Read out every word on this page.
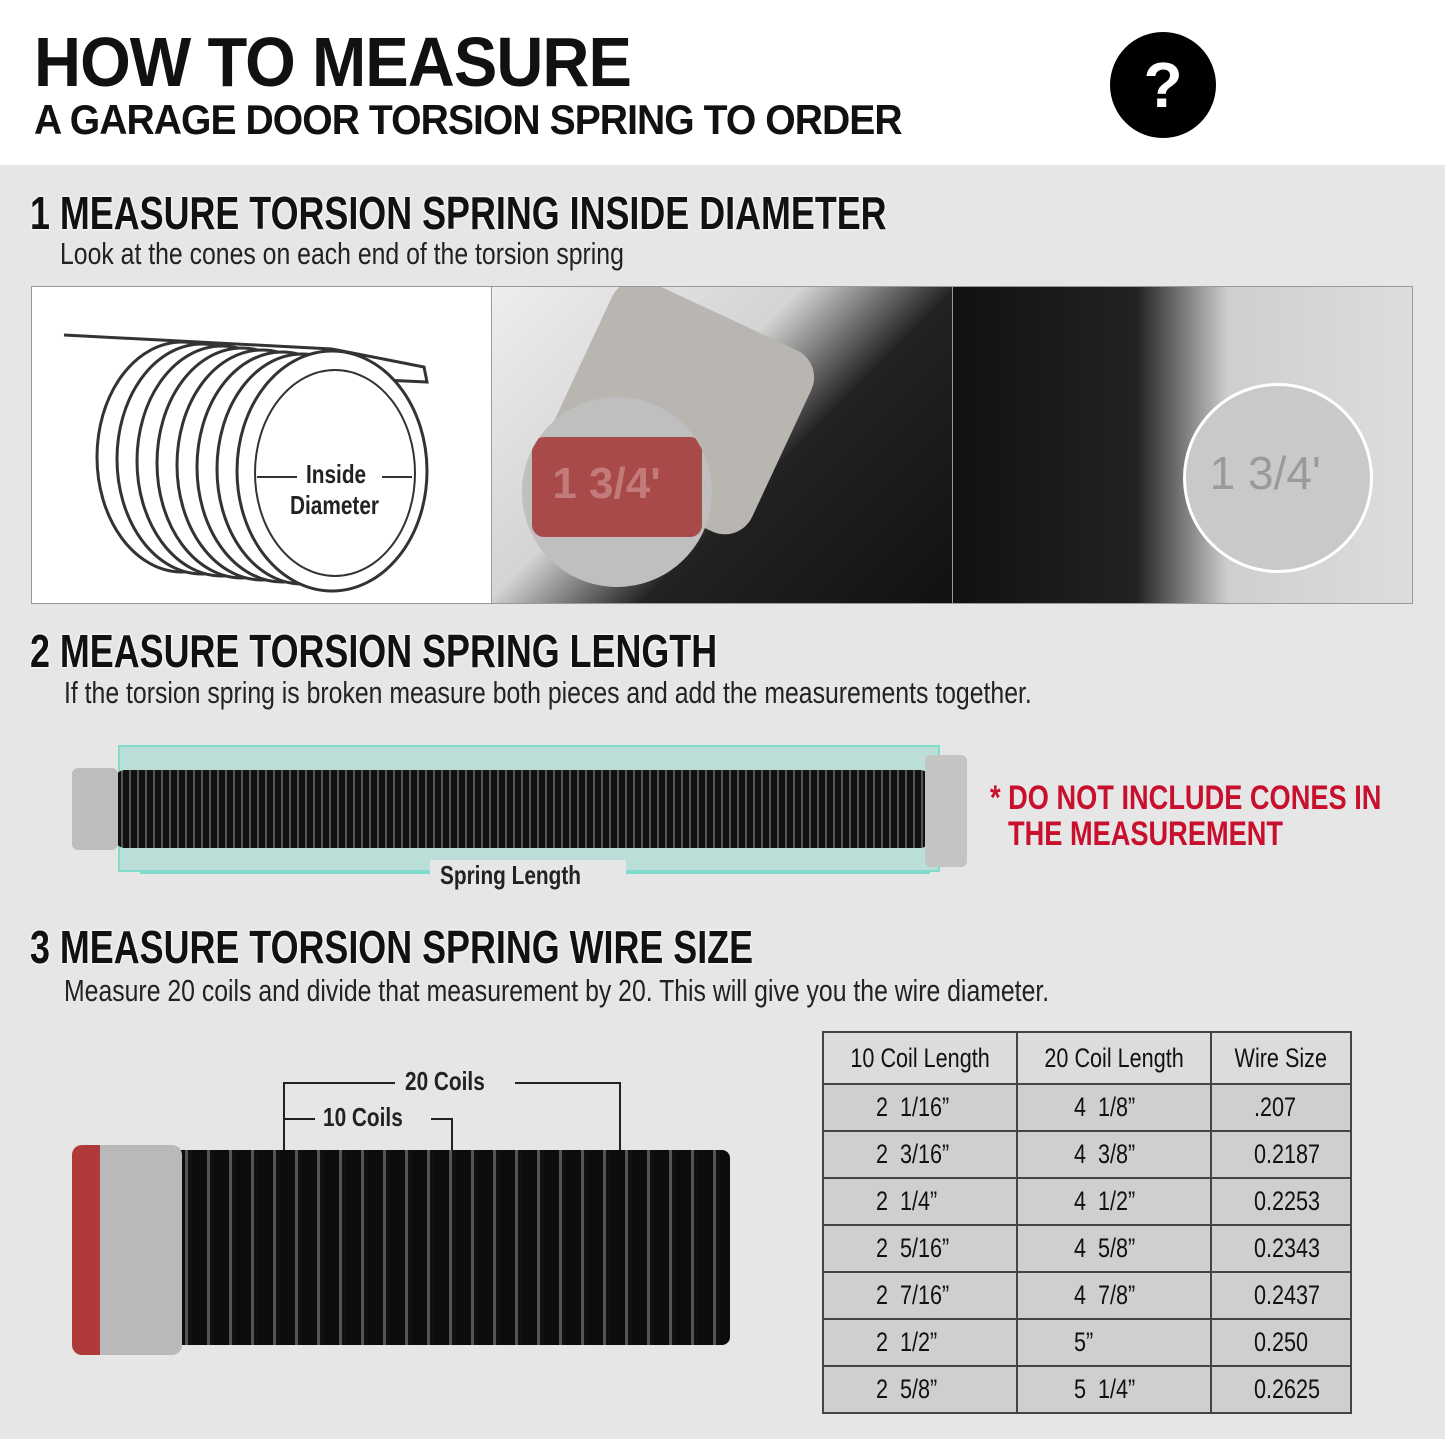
HOW TO MEASURE
A GARAGE DOOR TORSION SPRING TO ORDER	?
1 MEASURE TORSION SPRING INSIDE DIAMETER
Look at the cones on each end of the torsion spring
Inside
Diameter	1 3/4'	1 3/4'
2 MEASURE TORSION SPRING LENGTH
If the torsion spring is broken measure both pieces and add the measurements together.
Spring Length
* DO NOT INCLUDE CONES IN
THE MEASUREMENT
3 MEASURE TORSION SPRING WIRE SIZE
Measure 20 coils and divide that measurement by 20. This will give you the wire diameter.
20 Coils
10 Coils
10 Coil Length	20 Coil Length	Wire Size
2  1/16”	4  1/8”	.207
2  3/16”	4  3/8”	0.2187
2  1/4”	4  1/2”	0.2253
2  5/16”	4  5/8”	0.2343
2  7/16”	4  7/8”	0.2437
2  1/2”	5”	0.250
2  5/8”	5  1/4”	0.2625
